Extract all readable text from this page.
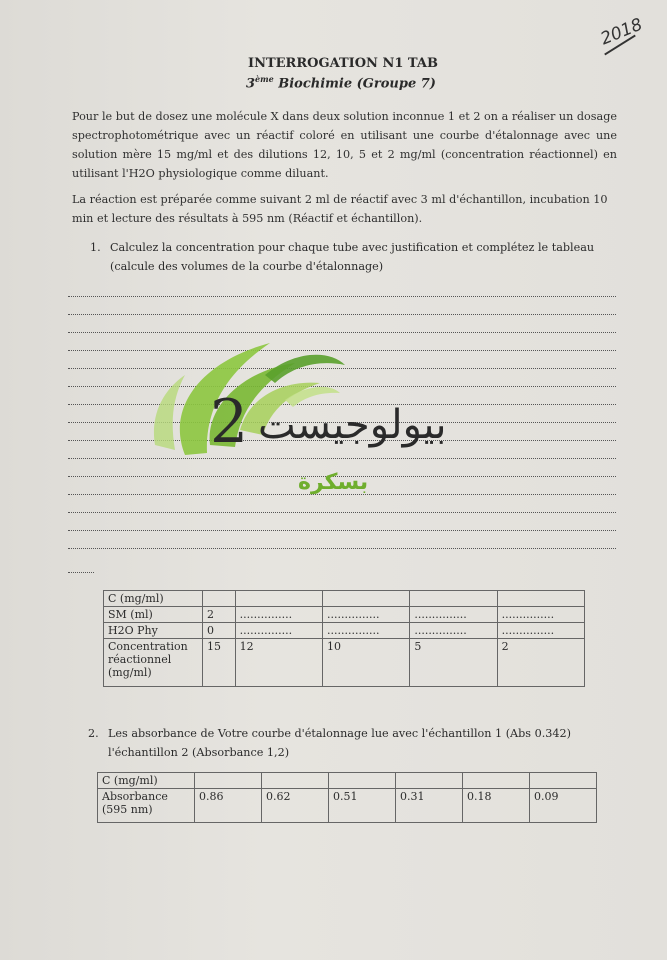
2018
INTERROGATION N1 TAB
3ème Biochimie (Groupe 7)
Pour le but de dosez une molécule X dans deux solution inconnue 1 et 2 on a réaliser un dosage spectrophotométrique avec un réactif coloré en utilisant une courbe d'étalonnage avec une solution mère 15 mg/ml et des dilutions 12, 10, 5 et 2 mg/ml (concentration réactionnel) en utilisant l'H2O physiologique comme diluant.
La réaction est préparée comme suivant 2 ml de réactif avec 3 ml d'échantillon, incubation 10 min et lecture des résultats à 595 nm (Réactif et échantillon).
1. Calculez la concentration pour chaque tube avec justification et complétez le tableau (calcule des volumes de la courbe d'étalonnage)
2 بيولوجيست
بسكرة
C (mg/ml)					
SM (ml)	2	...............	...............	...............	...............
H2O Phy	0	...............	...............	...............	...............
Concentration réactionnel (mg/ml)	15	12	10	5	2
2. Les absorbance de Votre courbe d'étalonnage lue avec l'échantillon 1 (Abs 0.342) l'échantillon 2 (Absorbance 1,2)
C (mg/ml)						
Absorbance (595 nm)	0.86	0.62	0.51	0.31	0.18	0.09
